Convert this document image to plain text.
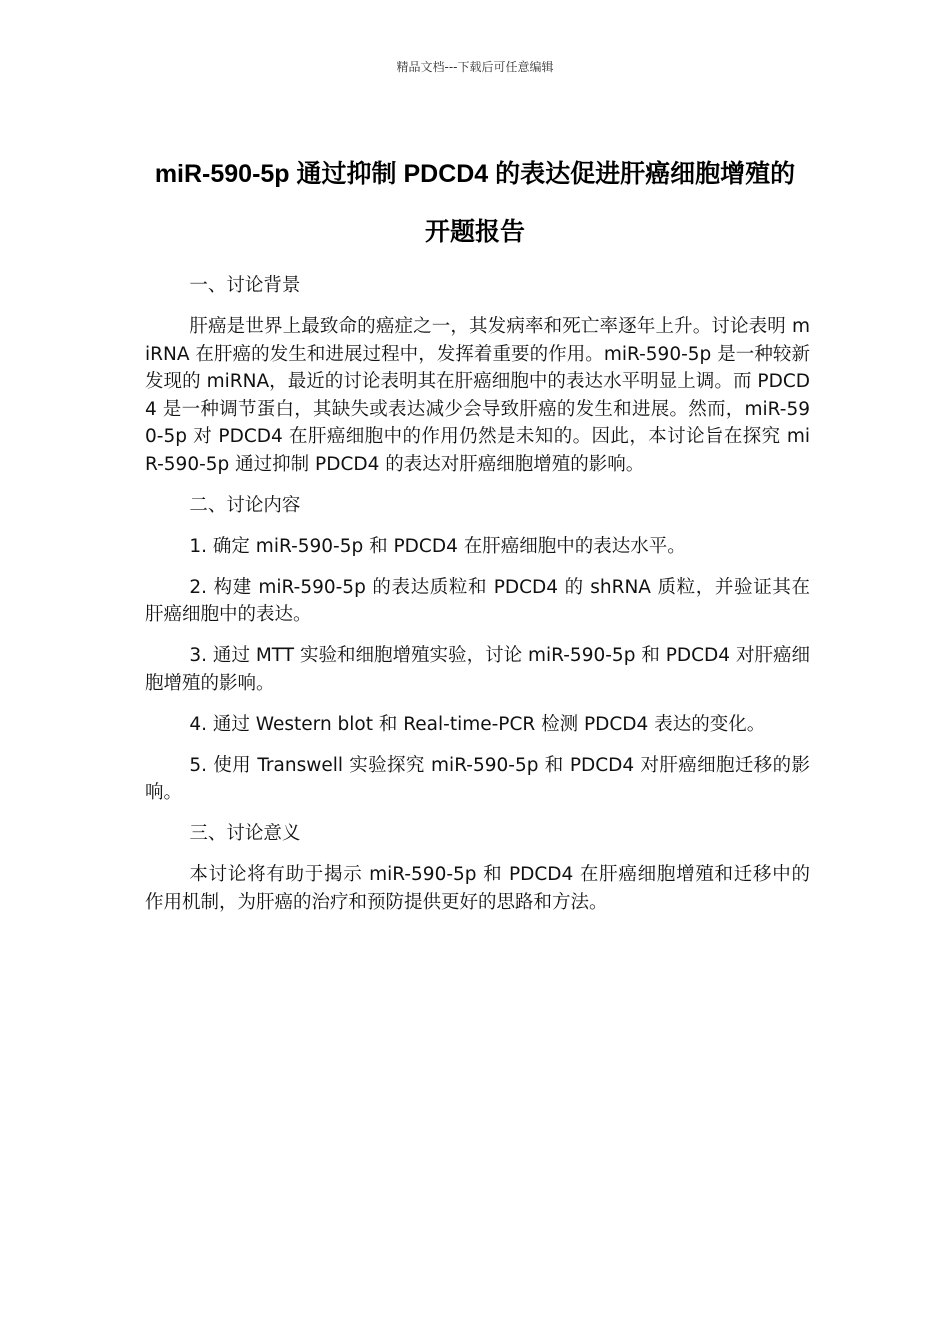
精品文档---下载后可任意编辑
miR-590-5p 通过抑制 PDCD4 的表达促进肝癌细胞增殖的开题报告

一、讨论背景

肝癌是世界上最致命的癌症之一，其发病率和死亡率逐年上升。讨论表明 miRNA 在肝癌的发生和进展过程中，发挥着重要的作用。miR-590-5p 是一种较新发现的 miRNA，最近的讨论表明其在肝癌细胞中的表达水平明显上调。而 PDCD4 是一种调节蛋白，其缺失或表达减少会导致肝癌的发生和进展。然而，miR-590-5p 对 PDCD4 在肝癌细胞中的作用仍然是未知的。因此，本讨论旨在探究 miR-590-5p 通过抑制 PDCD4 的表达对肝癌细胞增殖的影响。

二、讨论内容

1. 确定 miR-590-5p 和 PDCD4 在肝癌细胞中的表达水平。

2. 构建 miR-590-5p 的表达质粒和 PDCD4 的 shRNA 质粒，并验证其在肝癌细胞中的表达。

3. 通过 MTT 实验和细胞增殖实验，讨论 miR-590-5p 和 PDCD4 对肝癌细胞增殖的影响。

4. 通过 Western blot 和 Real-time-PCR 检测 PDCD4 表达的变化。

5. 使用 Transwell 实验探究 miR-590-5p 和 PDCD4 对肝癌细胞迁移的影响。

三、讨论意义

本讨论将有助于揭示 miR-590-5p 和 PDCD4 在肝癌细胞增殖和迁移中的作用机制，为肝癌的治疗和预防提供更好的思路和方法。
